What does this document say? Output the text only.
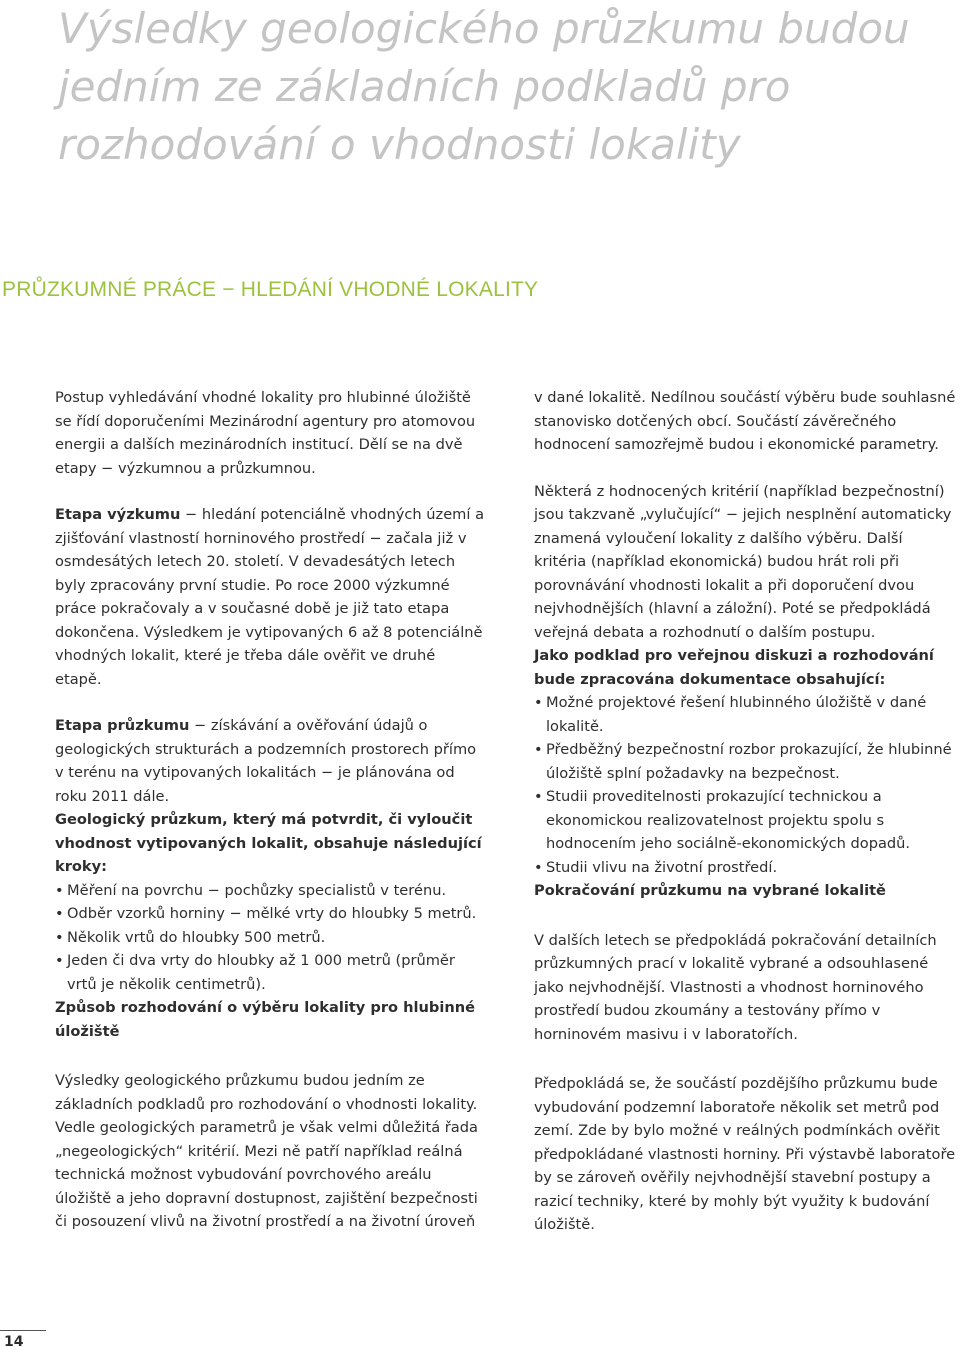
Výsledky geologického průzkumu budou jedním ze základních podkladů pro rozhodování o vhodnosti lokality
PRŮZKUMNÉ PRÁCE − HLEDÁNÍ VHODNÉ LOKALITY

Postup vyhledávání vhodné lokality pro hlubinné úložiště se řídí doporučeními Mezinárodní agentury pro atomovou energii a dalších mezinárodních institucí. Dělí se na dvě etapy − výzkumnou a průzkumnou.

Etapa výzkumu − hledání potenciálně vhodných území a zjišťování vlastností horninového prostředí − začala již v osmdesátých letech 20. století. V devadesátých letech byly zpracovány první studie. Po roce 2000 výzkumné práce pokračovaly a v současné době je již tato etapa dokončena. Výsledkem je vytipovaných 6 až 8 potenciálně vhodných lokalit, které je třeba dále ověřit ve druhé etapě.

Etapa průzkumu − získávání a ověřování údajů o geologických strukturách a podzemních prostorech přímo v terénu na vytipovaných lokalitách − je plánována od roku 2011 dále.

Geologický průzkum, který má potvrdit, či vyloučit vhodnost vytipovaných lokalit, obsahuje následující kroky:

• Měření na povrchu − pochůzky specialistů v terénu.
• Odběr vzorků horniny − mělké vrty do hloubky 5 metrů.
• Několik vrtů do hloubky 500 metrů.
• Jeden či dva vrty do hloubky až 1 000 metrů (průměr vrtů je několik centimetrů).

Způsob rozhodování o výběru lokality pro hlubinné úložiště

Výsledky geologického průzkumu budou jedním ze základních podkladů pro rozhodování o vhodnosti lokality. Vedle geologických parametrů je však velmi důležitá řada „negeologických“ kritérií. Mezi ně patří například reálná technická možnost vybudování povrchového areálu úložiště a jeho dopravní dostupnost, zajištění bezpečnosti či posouzení vlivů na životní prostředí a na životní úroveň

v dané lokalitě. Nedílnou součástí výběru bude souhlasné stanovisko dotčených obcí. Součástí závěrečného hodnocení samozřejmě budou i ekonomické parametry.

Některá z hodnocených kritérií (například bezpečnostní) jsou takzvaně „vylučující“ − jejich nesplnění automaticky znamená vyloučení lokality z dalšího výběru. Další kritéria (například ekonomická) budou hrát roli při porovnávání vhodnosti lokalit a při doporučení dvou nejvhodnějších (hlavní a záložní). Poté se předpokládá veřejná debata a rozhodnutí o dalším postupu.

Jako podklad pro veřejnou diskuzi a rozhodování bude zpracována dokumentace obsahující:

• Možné projektové řešení hlubinného úložiště v dané lokalitě.
• Předběžný bezpečnostní rozbor prokazující, že hlubinné úložiště splní požadavky na bezpečnost.
• Studii proveditelnosti prokazující technickou a ekonomickou realizovatelnost projektu spolu s hodnocením jeho sociálně-ekonomických dopadů.
• Studii vlivu na životní prostředí.

Pokračování průzkumu na vybrané lokalitě

V dalších letech se předpokládá pokračování detailních průzkumných prací v lokalitě vybrané a odsouhlasené jako nejvhodnější. Vlastnosti a vhodnost horninového prostředí budou zkoumány a testovány přímo v horninovém masivu i v laboratořích.

Předpokládá se, že součástí pozdějšího průzkumu bude vybudování podzemní laboratoře několik set metrů pod zemí. Zde by bylo možné v reálných podmínkách ověřit předpokládané vlastnosti horniny. Při výstavbě laboratoře by se zároveň ověřily nejvhodnější stavební postupy a razicí techniky, které by mohly být využity k budování úložiště.

14
